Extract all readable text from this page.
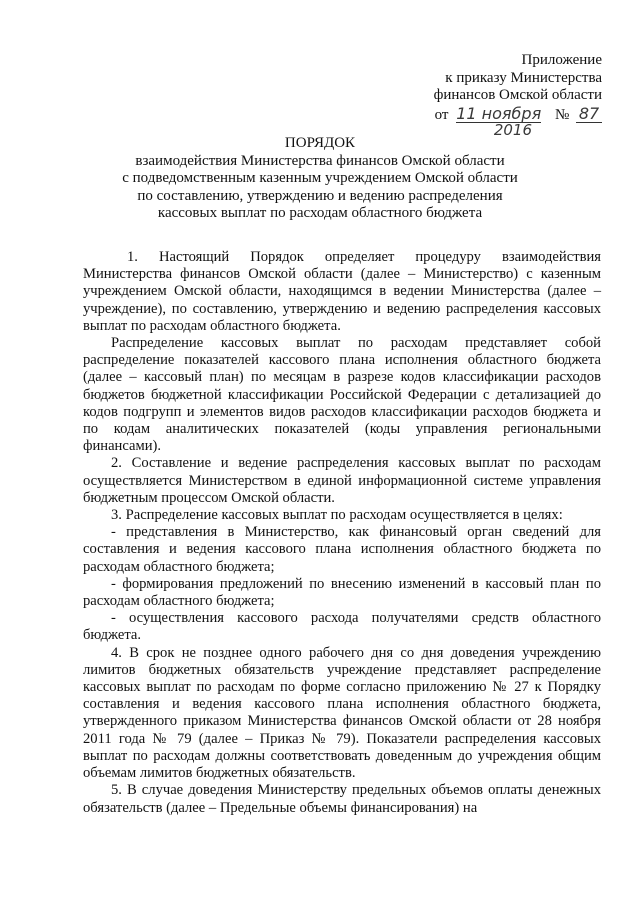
Приложение
к приказу Министерства
финансов Омской области
от 11 ноября № 87
2016
ПОРЯДОК
взаимодействия Министерства финансов Омской области
с подведомственным казенным учреждением Омской области
по составлению, утверждению и ведению распределения
кассовых выплат по расходам областного бюджета

1. Настоящий Порядок определяет процедуру взаимодействия Министерства финансов Омской области (далее – Министерство) с казенным учреждением Омской области, находящимся в ведении Министерства (далее – учреждение), по составлению, утверждению и ведению распределения кассовых выплат по расходам областного бюджета.

Распределение кассовых выплат по расходам представляет собой распределение показателей кассового плана исполнения областного бюджета (далее – кассовый план) по месяцам в разрезе кодов классификации расходов бюджетов бюджетной классификации Российской Федерации с детализацией до кодов подгрупп и элементов видов расходов классификации расходов бюджета и по кодам аналитических показателей (коды управления региональными финансами).

2. Составление и ведение распределения кассовых выплат по расходам осуществляется Министерством в единой информационной системе управления бюджетным процессом Омской области.

3. Распределение кассовых выплат по расходам осуществляется в целях:

- представления в Министерство, как финансовый орган сведений для составления и ведения кассового плана исполнения областного бюджета по расходам областного бюджета;

- формирования предложений по внесению изменений в кассовый план по расходам областного бюджета;

- осуществления кассового расхода получателями средств областного бюджета.

4. В срок не позднее одного рабочего дня со дня доведения учреждению лимитов бюджетных обязательств учреждение представляет распределение кассовых выплат по расходам по форме согласно приложению № 27 к Порядку составления и ведения кассового плана исполнения областного бюджета, утвержденного приказом Министерства финансов Омской области от 28 ноября 2011 года № 79 (далее – Приказ № 79). Показатели распределения кассовых выплат по расходам должны соответствовать доведенным до учреждения общим объемам лимитов бюджетных обязательств.

5. В случае доведения Министерству предельных объемов оплаты денежных обязательств (далее – Предельные объемы финансирования) на
